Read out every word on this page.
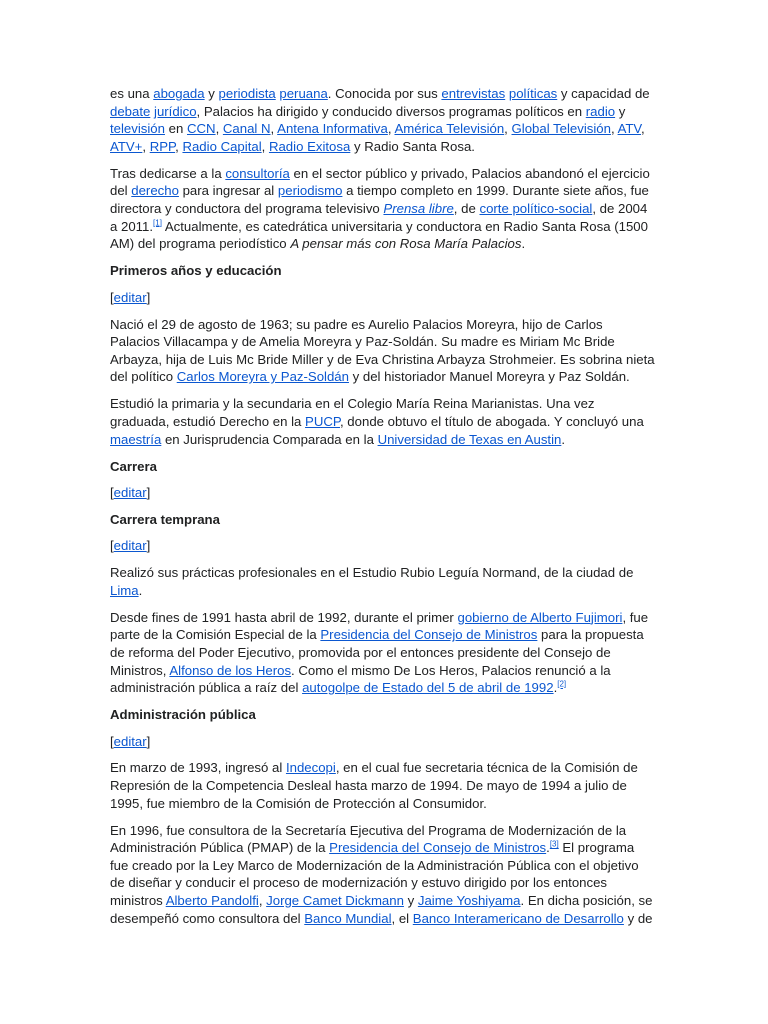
es una abogada y periodista peruana. Conocida por sus entrevistas políticas y capacidad de debate jurídico, Palacios ha dirigido y conducido diversos programas políticos en radio y televisión en CCN, Canal N, Antena Informativa, América Televisión, Global Televisión, ATV, ATV+, RPP, Radio Capital, Radio Exitosa y Radio Santa Rosa.

Tras dedicarse a la consultoría en el sector público y privado, Palacios abandonó el ejercicio del derecho para ingresar al periodismo a tiempo completo en 1999. Durante siete años, fue directora y conductora del programa televisivo Prensa libre, de corte político-social, de 2004 a 2011.[1] Actualmente, es catedrática universitaria y conductora en Radio Santa Rosa (1500 AM) del programa periodístico A pensar más con Rosa María Palacios.

Primeros años y educación

[editar]

Nació el 29 de agosto de 1963; su padre es Aurelio Palacios Moreyra, hijo de Carlos Palacios Villacampa y de Amelia Moreyra y Paz-Soldán. Su madre es Miriam Mc Bride Arbayza, hija de Luis Mc Bride Miller y de Eva Christina Arbayza Strohmeier. Es sobrina nieta del político Carlos Moreyra y Paz-Soldán y del historiador Manuel Moreyra y Paz Soldán.

Estudió la primaria y la secundaria en el Colegio María Reina Marianistas. Una vez graduada, estudió Derecho en la PUCP, donde obtuvo el título de abogada. Y concluyó una maestría en Jurisprudencia Comparada en la Universidad de Texas en Austin.

Carrera

[editar]

Carrera temprana

[editar]

Realizó sus prácticas profesionales en el Estudio Rubio Leguía Normand, de la ciudad de Lima.

Desde fines de 1991 hasta abril de 1992, durante el primer gobierno de Alberto Fujimori, fue parte de la Comisión Especial de la Presidencia del Consejo de Ministros para la propuesta de reforma del Poder Ejecutivo, promovida por el entonces presidente del Consejo de Ministros, Alfonso de los Heros. Como el mismo De Los Heros, Palacios renunció a la administración pública a raíz del autogolpe de Estado del 5 de abril de 1992.[2]

Administración pública

[editar]

En marzo de 1993, ingresó al Indecopi, en el cual fue secretaria técnica de la Comisión de Represión de la Competencia Desleal hasta marzo de 1994. De mayo de 1994 a julio de 1995, fue miembro de la Comisión de Protección al Consumidor.

En 1996, fue consultora de la Secretaría Ejecutiva del Programa de Modernización de la Administración Pública (PMAP) de la Presidencia del Consejo de Ministros.[3] El programa fue creado por la Ley Marco de Modernización de la Administración Pública con el objetivo de diseñar y conducir el proceso de modernización y estuvo dirigido por los entonces ministros Alberto Pandolfi, Jorge Camet Dickmann y Jaime Yoshiyama. En dicha posición, se desempeñó como consultora del Banco Mundial, el Banco Interamericano de Desarrollo y de
